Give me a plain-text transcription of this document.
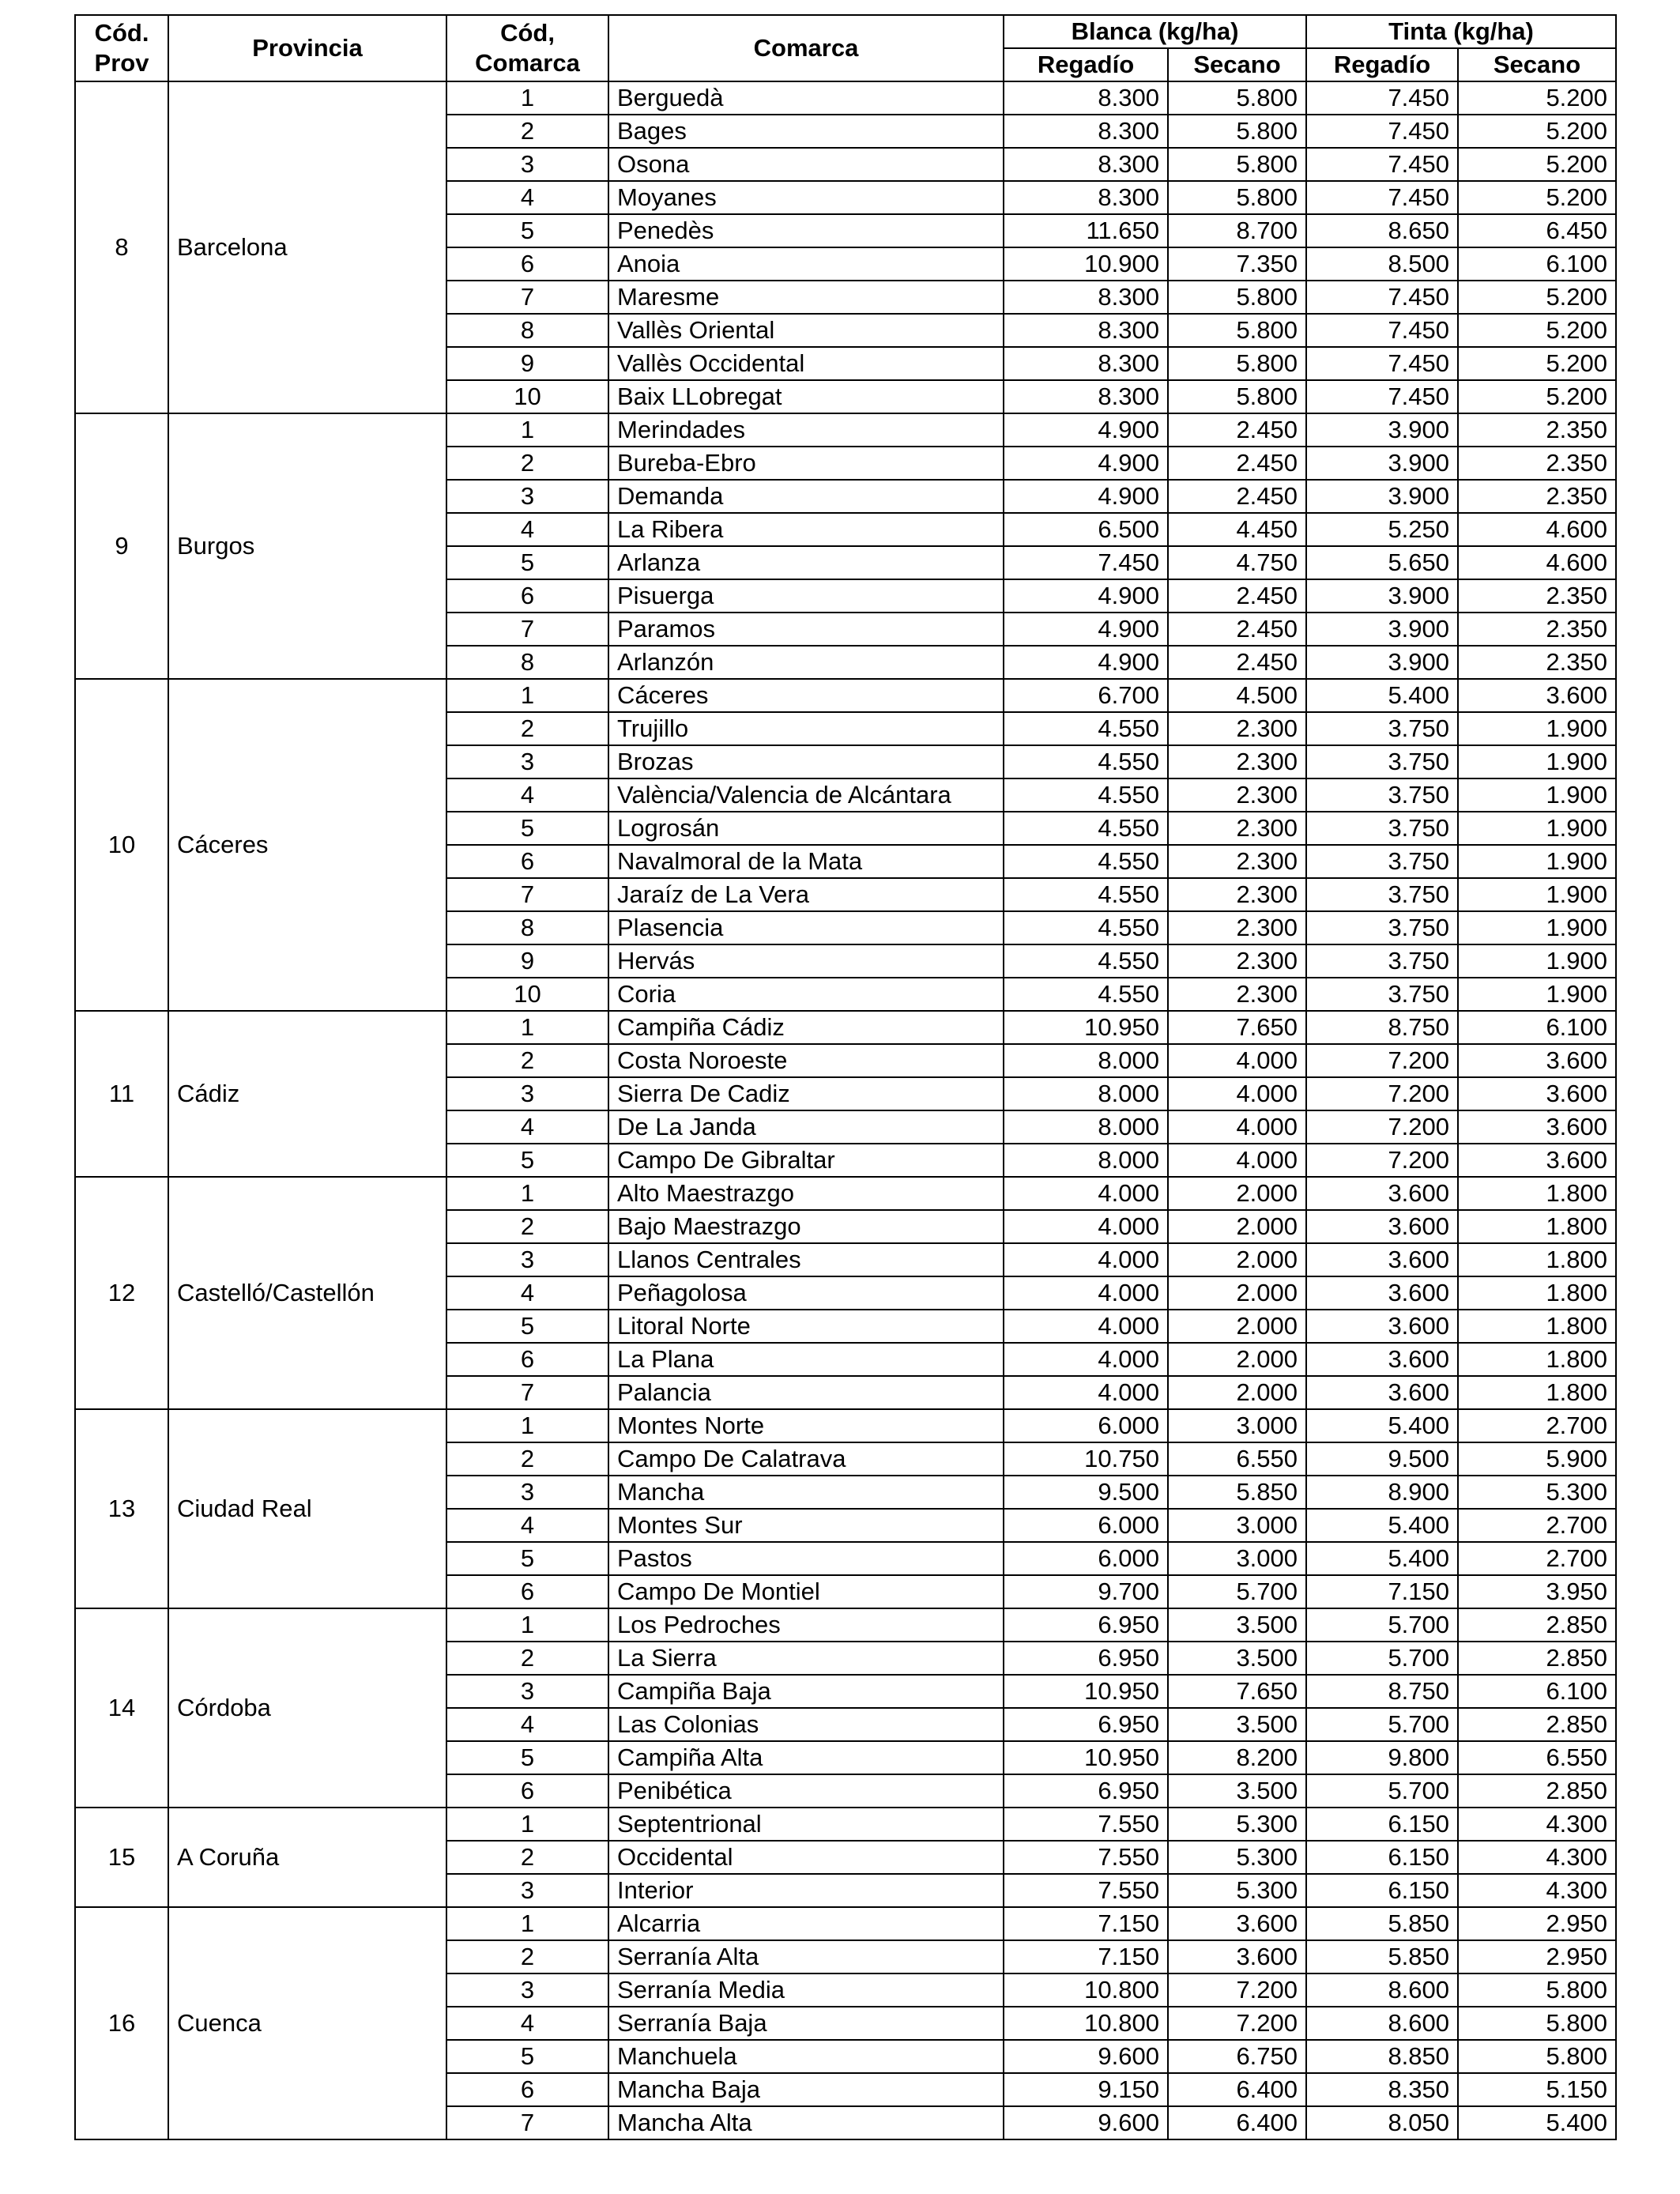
Cód. Prov	Provincia	Cód, Comarca	Comarca	Blanca (kg/ha)		Tinta (kg/ha)	
				Regadío	Secano	Regadío	Secano
8	Barcelona	1	Berguedà	8.300	5.800	7.450	5.200
		2	Bages	8.300	5.800	7.450	5.200
		3	Osona	8.300	5.800	7.450	5.200
		4	Moyanes	8.300	5.800	7.450	5.200
		5	Penedès	11.650	8.700	8.650	6.450
		6	Anoia	10.900	7.350	8.500	6.100
		7	Maresme	8.300	5.800	7.450	5.200
		8	Vallès Oriental	8.300	5.800	7.450	5.200
		9	Vallès Occidental	8.300	5.800	7.450	5.200
		10	Baix LLobregat	8.300	5.800	7.450	5.200
9	Burgos	1	Merindades	4.900	2.450	3.900	2.350
		2	Bureba-Ebro	4.900	2.450	3.900	2.350
		3	Demanda	4.900	2.450	3.900	2.350
		4	La Ribera	6.500	4.450	5.250	4.600
		5	Arlanza	7.450	4.750	5.650	4.600
		6	Pisuerga	4.900	2.450	3.900	2.350
		7	Paramos	4.900	2.450	3.900	2.350
		8	Arlanzón	4.900	2.450	3.900	2.350
10	Cáceres	1	Cáceres	6.700	4.500	5.400	3.600
		2	Trujillo	4.550	2.300	3.750	1.900
		3	Brozas	4.550	2.300	3.750	1.900
		4	València/Valencia de Alcántara	4.550	2.300	3.750	1.900
		5	Logrosán	4.550	2.300	3.750	1.900
		6	Navalmoral de la Mata	4.550	2.300	3.750	1.900
		7	Jaraíz de La Vera	4.550	2.300	3.750	1.900
		8	Plasencia	4.550	2.300	3.750	1.900
		9	Hervás	4.550	2.300	3.750	1.900
		10	Coria	4.550	2.300	3.750	1.900
11	Cádiz	1	Campiña Cádiz	10.950	7.650	8.750	6.100
		2	Costa Noroeste	8.000	4.000	7.200	3.600
		3	Sierra De Cadiz	8.000	4.000	7.200	3.600
		4	De La Janda	8.000	4.000	7.200	3.600
		5	Campo De Gibraltar	8.000	4.000	7.200	3.600
12	Castelló/Castellón	1	Alto Maestrazgo	4.000	2.000	3.600	1.800
		2	Bajo Maestrazgo	4.000	2.000	3.600	1.800
		3	Llanos Centrales	4.000	2.000	3.600	1.800
		4	Peñagolosa	4.000	2.000	3.600	1.800
		5	Litoral Norte	4.000	2.000	3.600	1.800
		6	La Plana	4.000	2.000	3.600	1.800
		7	Palancia	4.000	2.000	3.600	1.800
13	Ciudad Real	1	Montes Norte	6.000	3.000	5.400	2.700
		2	Campo De Calatrava	10.750	6.550	9.500	5.900
		3	Mancha	9.500	5.850	8.900	5.300
		4	Montes Sur	6.000	3.000	5.400	2.700
		5	Pastos	6.000	3.000	5.400	2.700
		6	Campo De Montiel	9.700	5.700	7.150	3.950
14	Córdoba	1	Los Pedroches	6.950	3.500	5.700	2.850
		2	La Sierra	6.950	3.500	5.700	2.850
		3	Campiña Baja	10.950	7.650	8.750	6.100
		4	Las Colonias	6.950	3.500	5.700	2.850
		5	Campiña Alta	10.950	8.200	9.800	6.550
		6	Penibética	6.950	3.500	5.700	2.850
15	A Coruña	1	Septentrional	7.550	5.300	6.150	4.300
		2	Occidental	7.550	5.300	6.150	4.300
		3	Interior	7.550	5.300	6.150	4.300
16	Cuenca	1	Alcarria	7.150	3.600	5.850	2.950
		2	Serranía Alta	7.150	3.600	5.850	2.950
		3	Serranía Media	10.800	7.200	8.600	5.800
		4	Serranía Baja	10.800	7.200	8.600	5.800
		5	Manchuela	9.600	6.750	8.850	5.800
		6	Mancha Baja	9.150	6.400	8.350	5.150
		7	Mancha Alta	9.600	6.400	8.050	5.400
